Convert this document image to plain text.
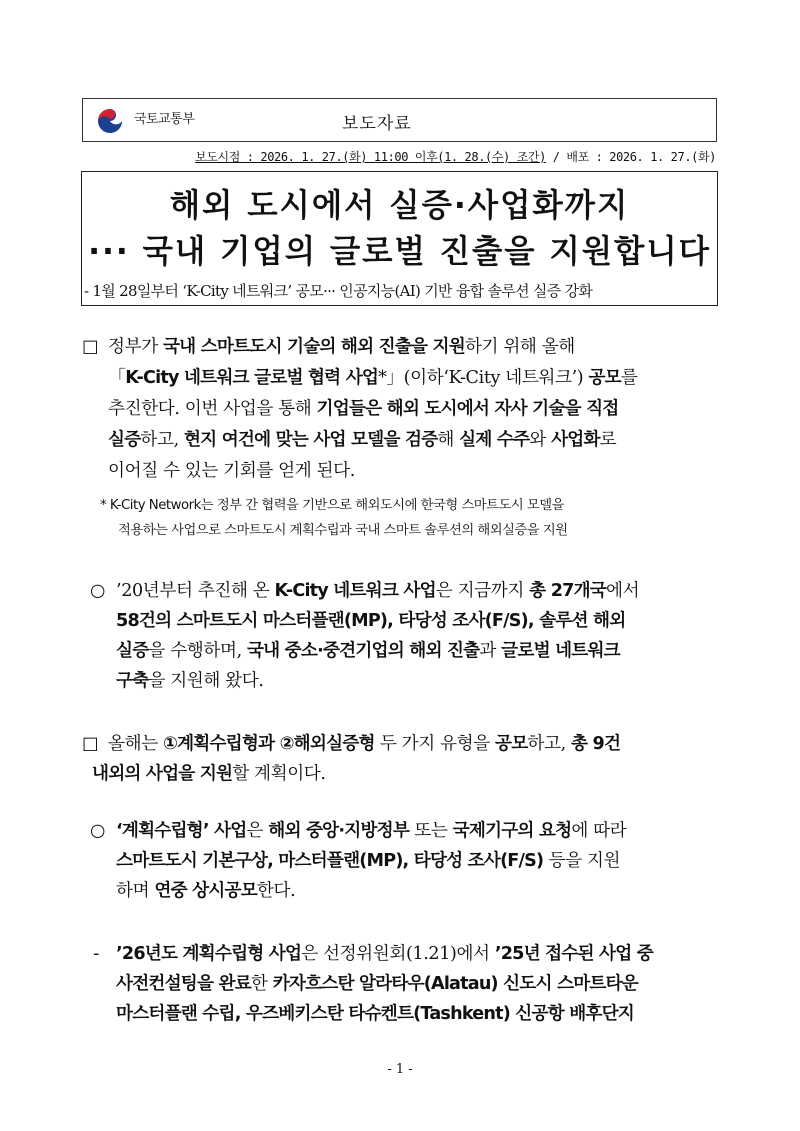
국토교통부	보도자료
보도시점 : 2026. 1. 27.(화) 11:00 이후(1. 28.(수) 조간) / 배포 : 2026. 1. 27.(화)
해외 도시에서 실증·사업화까지
··· 국내 기업의 글로벌 진출을 지원합니다
- 1월 28일부터 ‘K-City 네트워크’ 공모··· 인공지능(AI) 기반 융합 솔루션 실증 강화
□ 정부가 국내 스마트도시 기술의 해외 진출을 지원하기 위해 올해
「K-City 네트워크 글로벌 협력 사업*」(이하‘K-City 네트워크’) 공모를
추진한다. 이번 사업을 통해 기업들은 해외 도시에서 자사 기술을 직접
실증하고, 현지 여건에 맞는 사업 모델을 검증해 실제 수주와 사업화로
이어질 수 있는 기회를 얻게 된다.
* K-City Network는 정부 간 협력을 기반으로 해외도시에 한국형 스마트도시 모델을
적용하는 사업으로 스마트도시 계획수립과 국내 스마트 솔루션의 해외실증을 지원
○ ’20년부터 추진해 온 K-City 네트워크 사업은 지금까지 총 27개국에서
58건의 스마트도시 마스터플랜(MP), 타당성 조사(F/S), 솔루션 해외
실증을 수행하며, 국내 중소·중견기업의 해외 진출과 글로벌 네트워크
구축을 지원해 왔다.
□ 올해는 ①계획수립형과 ②해외실증형 두 가지 유형을 공모하고, 총 9건
내외의 사업을 지원할 계획이다.
○ ‘계획수립형’ 사업은 해외 중앙·지방정부 또는 국제기구의 요청에 따라
스마트도시 기본구상, 마스터플랜(MP), 타당성 조사(F/S) 등을 지원
하며 연중 상시공모한다.
- ’26년도 계획수립형 사업은 선정위원회(1.21)에서 ’25년 접수된 사업 중
사전컨설팅을 완료한 카자흐스탄 알라타우(Alatau) 신도시 스마트타운
마스터플랜 수립, 우즈베키스탄 타슈켄트(Tashkent) 신공항 배후단지
- 1 -
